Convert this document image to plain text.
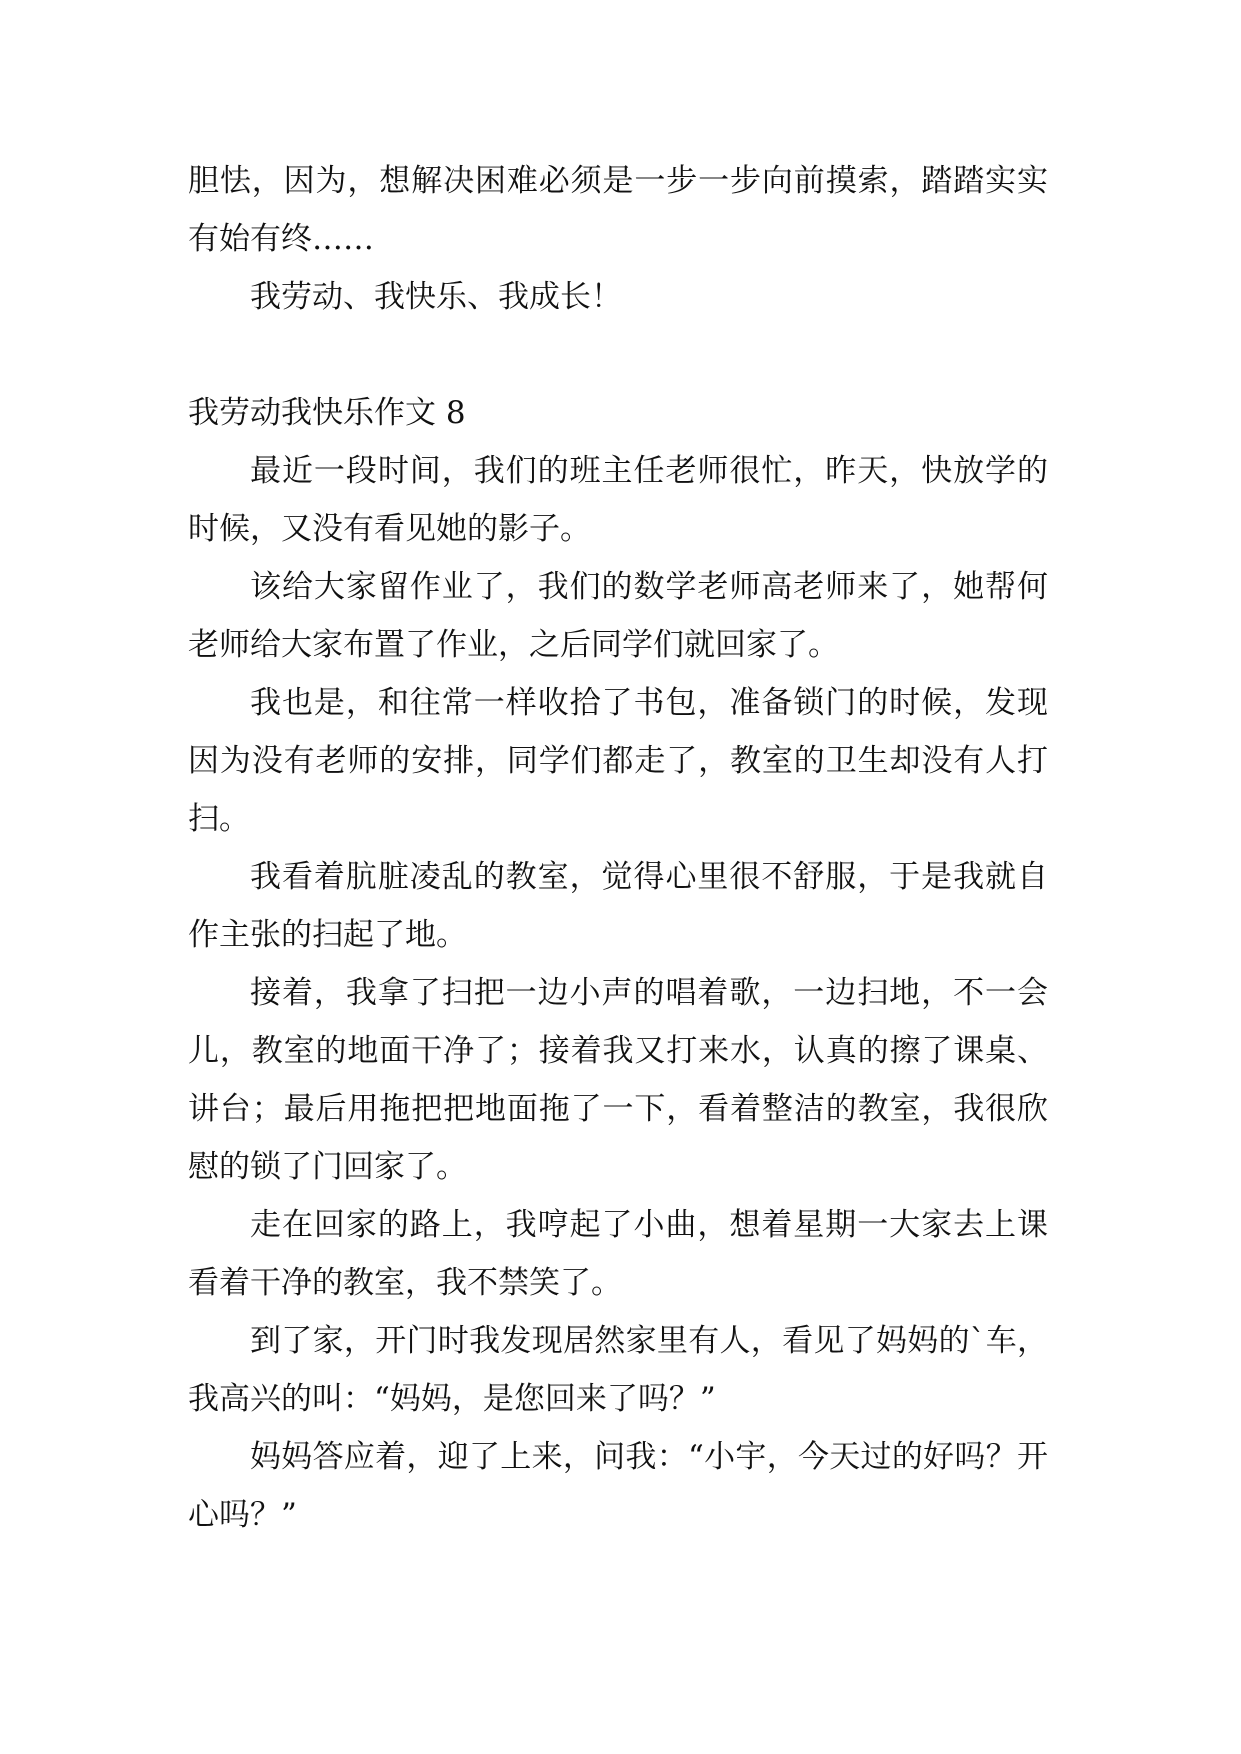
胆怯，因为，想解决困难必须是一步一步向前摸索，踏踏实实有始有终……

我劳动、我快乐、我成长！

我劳动我快乐作文 8

最近一段时间，我们的班主任老师很忙，昨天，快放学的时候，又没有看见她的影子。

该给大家留作业了，我们的数学老师高老师来了，她帮何老师给大家布置了作业，之后同学们就回家了。

我也是，和往常一样收拾了书包，准备锁门的时候，发现因为没有老师的安排，同学们都走了，教室的卫生却没有人打扫。

我看着肮脏凌乱的教室，觉得心里很不舒服，于是我就自作主张的扫起了地。

接着，我拿了扫把一边小声的唱着歌，一边扫地，不一会儿，教室的地面干净了；接着我又打来水，认真的擦了课桌、讲台；最后用拖把把地面拖了一下，看着整洁的教室，我很欣慰的锁了门回家了。

走在回家的路上，我哼起了小曲，想着星期一大家去上课看着干净的教室，我不禁笑了。

到了家，开门时我发现居然家里有人，看见了妈妈的`车，我高兴的叫：“妈妈，是您回来了吗？”

妈妈答应着，迎了上来，问我：“小宇，今天过的好吗？开心吗？”
